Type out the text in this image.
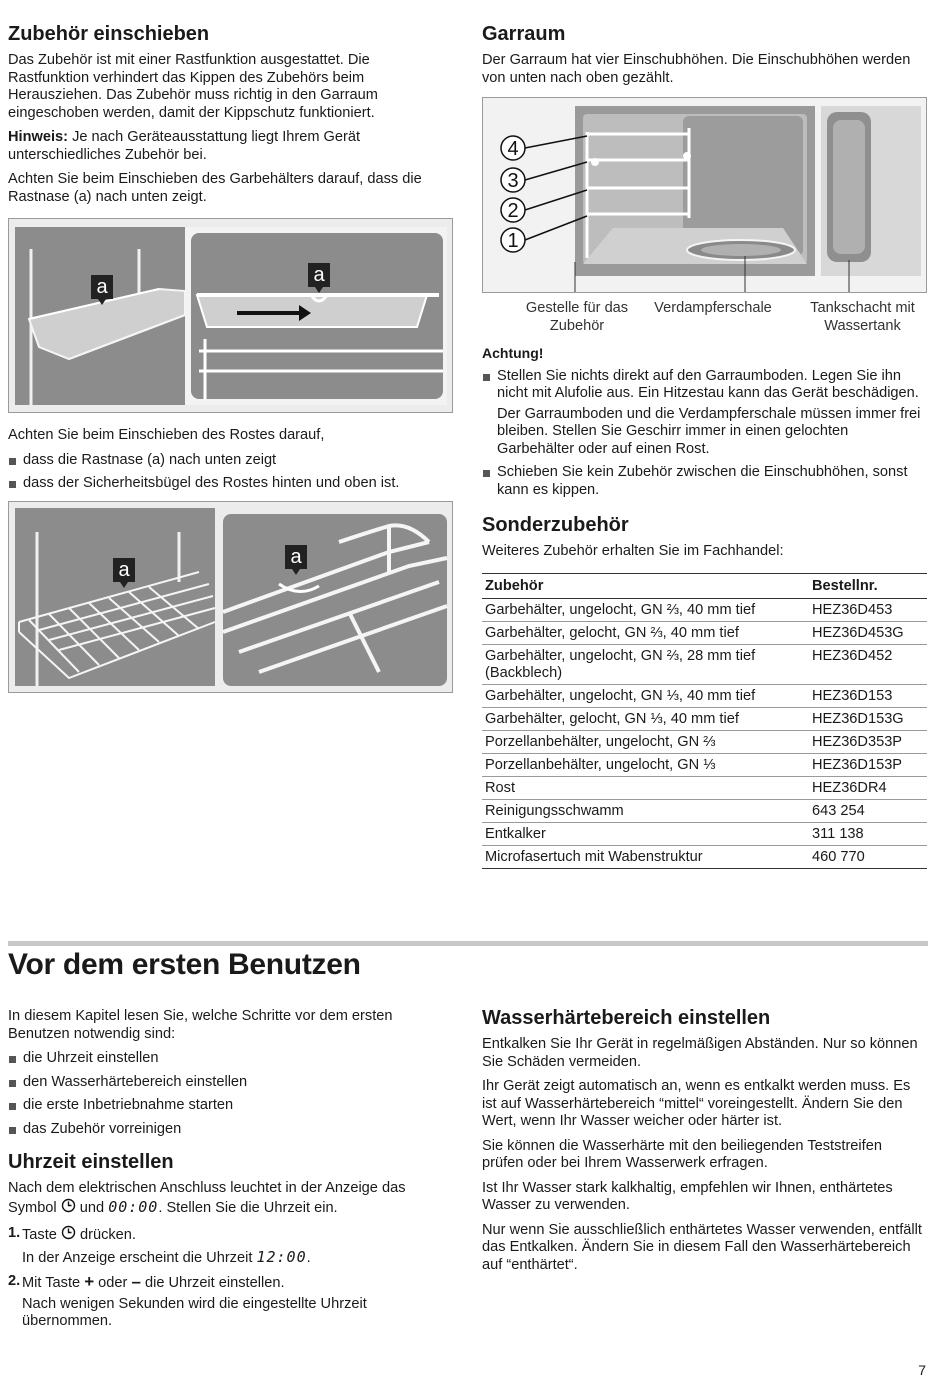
Zubehör einschieben

Das Zubehör ist mit einer Rastfunktion ausgestattet. Die Rastfunktion verhindert das Kippen des Zubehörs beim Herausziehen. Das Zubehör muss richtig in den Garraum eingeschoben werden, damit der Kippschutz funktioniert.

Hinweis: Je nach Geräteausstattung liegt Ihrem Gerät unterschiedliches Zubehör bei.

Achten Sie beim Einschieben des Garbehälters darauf, dass die Rastnase (a) nach unten zeigt.

a
a

Achten Sie beim Einschieben des Rostes darauf,

dass die Rastnase (a) nach unten zeigt
dass der Sicherheitsbügel des Rostes hinten und oben ist.
a
a
Garraum

Der Garraum hat vier Einschubhöhen. Die Einschubhöhen werden von unten nach oben gezählt.

4
3
2
1
Gestelle für das Zubehör
Verdampferschale	Tankschacht mit Wassertank

Achtung!

Stellen Sie nichts direkt auf den Garraumboden. Legen Sie ihn nicht mit Alufolie aus. Ein Hitzestau kann das Gerät beschädigen.
Der Garraumboden und die Verdampferschale müssen immer frei bleiben. Stellen Sie Geschirr immer in einen gelochten Garbehälter oder auf einen Rost.
Schieben Sie kein Zubehör zwischen die Einschubhöhen, sonst kann es kippen.
Sonderzubehör

Weiteres Zubehör erhalten Sie im Fachhandel:

Zubehör	Bestellnr.
Garbehälter, ungelocht, GN ⅔, 40 mm tief	HEZ36D453
Garbehälter, gelocht, GN ⅔, 40 mm tief	HEZ36D453G
Garbehälter, ungelocht, GN ⅔, 28 mm tief (Backblech)	HEZ36D452
Garbehälter, ungelocht, GN ⅓, 40 mm tief	HEZ36D153
Garbehälter, gelocht, GN ⅓, 40 mm tief	HEZ36D153G
Porzellanbehälter, ungelocht, GN ⅔	HEZ36D353P
Porzellanbehälter, ungelocht, GN ⅓	HEZ36D153P
Rost	HEZ36DR4
Reinigungsschwamm	643 254
Entkalker	311 138
Microfasertuch mit Wabenstruktur	460 770
Vor dem ersten Benutzen

In diesem Kapitel lesen Sie, welche Schritte vor dem ersten Benutzen notwendig sind:

die Uhrzeit einstellen
den Wasserhärtebereich einstellen
die erste Inbetriebnahme starten
das Zubehör vorreinigen
Uhrzeit einstellen

Nach dem elektrischen Anschluss leuchtet in der Anzeige das Symbol  und 00:00. Stellen Sie die Uhrzeit ein.

1. Taste  drücken.
In der Anzeige erscheint die Uhrzeit 12:00.
2. Mit Taste + oder – die Uhrzeit einstellen.
Nach wenigen Sekunden wird die eingestellte Uhrzeit übernommen.
Wasserhärtebereich einstellen

Entkalken Sie Ihr Gerät in regelmäßigen Abständen. Nur so können Sie Schäden vermeiden.

Ihr Gerät zeigt automatisch an, wenn es entkalkt werden muss. Es ist auf Wasserhärtebereich “mittel“ voreingestellt. Ändern Sie den Wert, wenn Ihr Wasser weicher oder härter ist.

Sie können die Wasserhärte mit den beiliegenden Teststreifen prüfen oder bei Ihrem Wasserwerk erfragen.

Ist Ihr Wasser stark kalkhaltig, empfehlen wir Ihnen, enthärtetes Wasser zu verwenden.

Nur wenn Sie ausschließlich enthärtetes Wasser verwenden, entfällt das Entkalken. Ändern Sie in diesem Fall den Wasserhärtebereich auf “enthärtet“.

7
